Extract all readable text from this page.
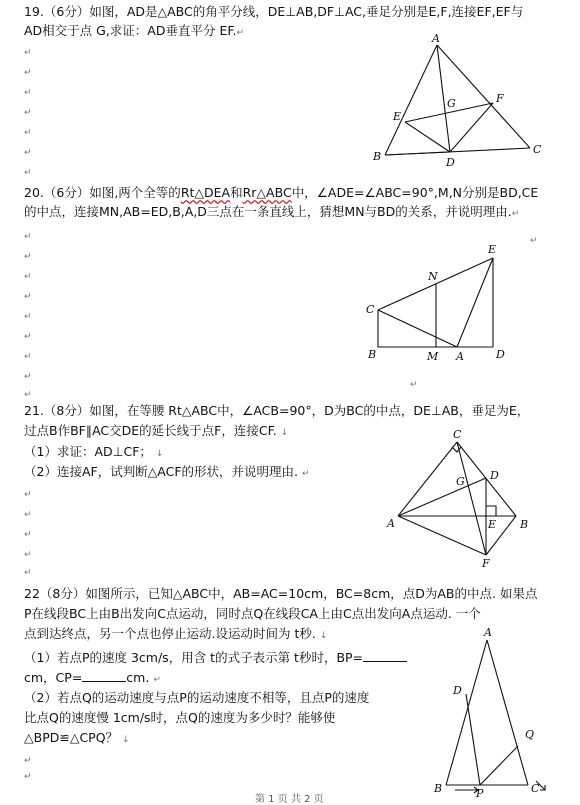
19.（6分）如图，AD是△ABC的角平分线，DE⊥AB,DF⊥AC,垂足分别是E,F,连接EF,EF与
AD相交于点 G,求证：AD垂直平分 EF.↵
↵
↵
↵
↵
↵
↵
↵
A
B
C
D
E
F
G
20.（6分）如图,两个全等的Rt△DEA和Rr△ABC中，∠ADE=∠ABC=90°,M,N分别是BD,CE
的中点，连接MN,AB=ED,B,A,D三点在一条直线上，猜想MN与BD的关系，并说明理由.↵
↵
↵
↵
↵
↵
↵
↵
↵
↵
↵
↵
E
N
C
B	M A	D
21.（8分）如图，在等腰 Rt△ABC中，∠ACB=90°，D为BC的中点，DE⊥AB，垂足为E，
过点B作BF∥AC交DE的延长线于点F，连接CF. ↓
（1）求证：AD⊥CF； ↓
（2）连接AF，试判断△ACF的形状，并说明理由. ↵
↵
↵
↵
↵
↵
C
G D
A	E B
F
22（8分）如图所示，已知△ABC中，AB=AC=10cm，BC=8cm，点D为AB的中点. 如果点
P在线段BC上由B出发向C点运动，同时点Q在线段CA上由C点出发向A点运动. 一个
点到达终点，另一个点也停止运动.设运动时间为 t秒. ↓
（1）若点P的速度 3cm/s，用含 t的式子表示第 t秒时，BP=
cm，CP=	cm. ↵
（2）若点Q的运动速度与点P的运动速度不相等，且点P的速度
比点Q的速度慢 1cm/s时，点Q的速度为多少时？能够使
△BPD≌△CPQ？ ↓
↵
↵
A
D
Q
B	P	C
第 1 页 共 2 页
